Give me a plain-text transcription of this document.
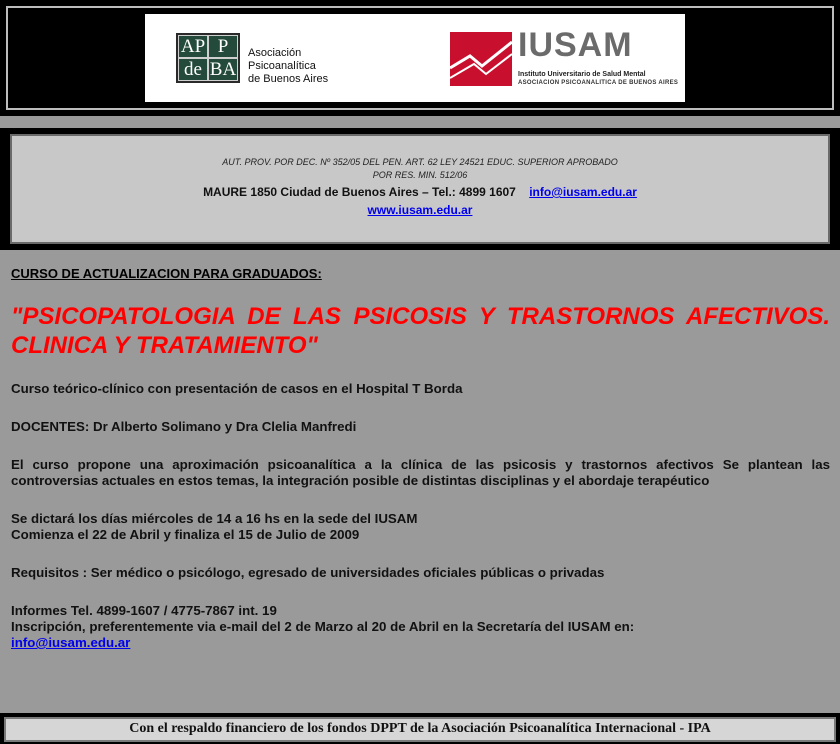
AP P
de BA
Asociación
Psicoanalítica
de Buenos Aires
IUSAM
Instituto Universitario de Salud Mental
ASOCIACION PSICOANALITICA DE BUENOS AIRES
AUT. PROV. POR DEC. Nº 352/05 DEL PEN. ART. 62 LEY 24521 EDUC. SUPERIOR APROBADO
POR RES. MIN. 512/06
MAURE 1850 Ciudad de Buenos Aires – Tel.: 4899 1607 info@iusam.edu.ar
www.iusam.edu.ar
CURSO DE ACTUALIZACION PARA GRADUADOS:
"PSICOPATOLOGIA DE LAS PSICOSIS Y TRASTORNOS AFECTIVOS. CLINICA Y TRATAMIENTO"

Curso teórico-clínico con presentación de casos en el Hospital T Borda

DOCENTES: Dr Alberto Solimano y Dra Clelia Manfredi

El curso propone una aproximación psicoanalítica a la clínica de las psicosis y trastornos afectivos Se plantean las controversias actuales en estos temas, la integración posible de distintas disciplinas y el abordaje terapéutico

Se dictará los días miércoles de 14 a 16 hs en la sede del IUSAM

Comienza el 22 de Abril y finaliza el 15 de Julio de 2009

Requisitos : Ser médico o psicólogo, egresado de universidades oficiales públicas o privadas

Informes Tel. 4899-1607 / 4775-7867 int. 19

Inscripción, preferentemente via e-mail del 2 de Marzo al 20 de Abril en la Secretaría del IUSAM en:

info@iusam.edu.ar

Con el respaldo financiero de los fondos DPPT de la Asociación Psicoanalítica Internacional - IPA
